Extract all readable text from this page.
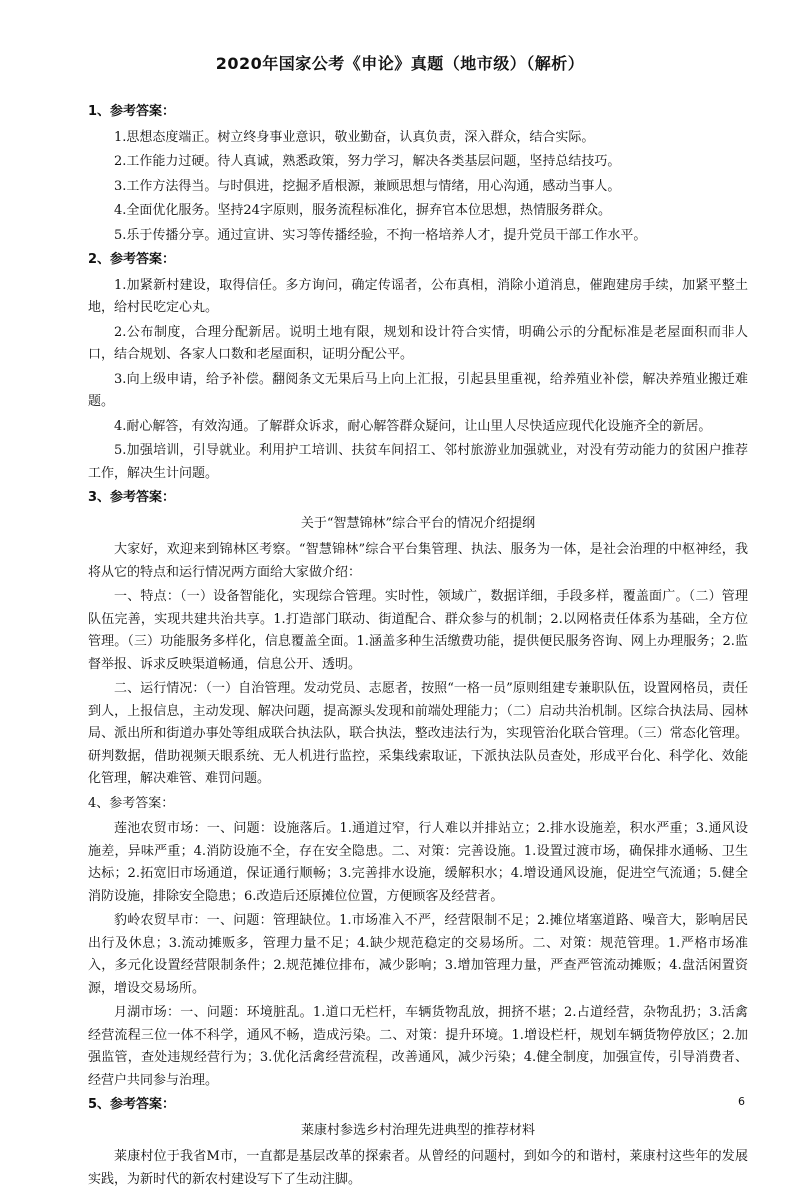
2020年国家公考《申论》真题（地市级）（解析）
1、参考答案：
1.思想态度端正。树立终身事业意识，敬业勤奋，认真负责，深入群众，结合实际。
2.工作能力过硬。待人真诚，熟悉政策，努力学习，解决各类基层问题，坚持总结技巧。
3.工作方法得当。与时俱进，挖掘矛盾根源，兼顾思想与情绪，用心沟通，感动当事人。
4.全面优化服务。坚持24字原则，服务流程标准化，摒弃官本位思想，热情服务群众。
5.乐于传播分享。通过宣讲、实习等传播经验，不拘一格培养人才，提升党员干部工作水平。
2、参考答案：
1.加紧新村建设，取得信任。多方询问，确定传谣者，公布真相，消除小道消息，催跑建房手续，加紧平整土地，给村民吃定心丸。
2.公布制度，合理分配新居。说明土地有限，规划和设计符合实情，明确公示的分配标准是老屋面积而非人口，结合规划、各家人口数和老屋面积，证明分配公平。
3.向上级申请，给予补偿。翻阅条文无果后马上向上汇报，引起县里重视，给养殖业补偿，解决养殖业搬迁难题。
4.耐心解答，有效沟通。了解群众诉求，耐心解答群众疑问，让山里人尽快适应现代化设施齐全的新居。
5.加强培训，引导就业。利用护工培训、扶贫车间招工、邻村旅游业加强就业，对没有劳动能力的贫困户推荐工作，解决生计问题。
3、参考答案：
关于“智慧锦林”综合平台的情况介绍提纲
大家好，欢迎来到锦林区考察。“智慧锦林”综合平台集管理、执法、服务为一体，是社会治理的中枢神经，我将从它的特点和运行情况两方面给大家做介绍：
一、特点：（一）设备智能化，实现综合管理。实时性，领域广，数据详细，手段多样，覆盖面广。（二）管理队伍完善，实现共建共治共享。1.打造部门联动、街道配合、群众参与的机制；2.以网格责任体系为基础，全方位管理。（三）功能服务多样化，信息覆盖全面。1.涵盖多种生活缴费功能，提供便民服务咨询、网上办理服务；2.监督举报、诉求反映渠道畅通，信息公开、透明。
二、运行情况：（一）自治管理。发动党员、志愿者，按照“一格一员”原则组建专兼职队伍，设置网格员，责任到人，上报信息，主动发现、解决问题，提高源头发现和前端处理能力；（二）启动共治机制。区综合执法局、园林局、派出所和街道办事处等组成联合执法队，联合执法，整改违法行为，实现管治化联合管理。（三）常态化管理。研判数据，借助视频天眼系统、无人机进行监控，采集线索取证，下派执法队员查处，形成平台化、科学化、效能化管理，解决难管、难罚问题。
4、参考答案：
莲池农贸市场：一、问题：设施落后。1.通道过窄，行人难以并排站立；2.排水设施差，积水严重；3.通风设施差，异味严重；4.消防设施不全，存在安全隐患。二、对策：完善设施。1.设置过渡市场，确保排水通畅、卫生达标；2.拓宽旧市场通道，保证通行顺畅；3.完善排水设施，缓解积水；4.增设通风设施，促进空气流通；5.健全消防设施，排除安全隐患；6.改造后还原摊位位置，方便顾客及经营者。
豹岭农贸早市：一、问题：管理缺位。1.市场准入不严，经营限制不足；2.摊位堵塞道路、噪音大，影响居民出行及休息；3.流动摊贩多，管理力量不足；4.缺少规范稳定的交易场所。二、对策：规范管理。1.严格市场准入，多元化设置经营限制条件；2.规范摊位排布，减少影响；3.增加管理力量，严查严管流动摊贩；4.盘活闲置资源，增设交易场所。
月湖市场：一、问题：环境脏乱。1.道口无栏杆，车辆货物乱放，拥挤不堪；2.占道经营，杂物乱扔；3.活禽经营流程三位一体不科学，通风不畅，造成污染。二、对策：提升环境。1.增设栏杆，规划车辆货物停放区；2.加强监管，查处违规经营行为；3.优化活禽经营流程，改善通风，减少污染；4.健全制度，加强宣传，引导消费者、经营户共同参与治理。
5、参考答案：
莱康村参选乡村治理先进典型的推荐材料
莱康村位于我省M市，一直都是基层改革的探索者。从曾经的问题村，到如今的和谐村，莱康村这些年的发展实践，为新时代的新农村建设写下了生动注脚。
6
